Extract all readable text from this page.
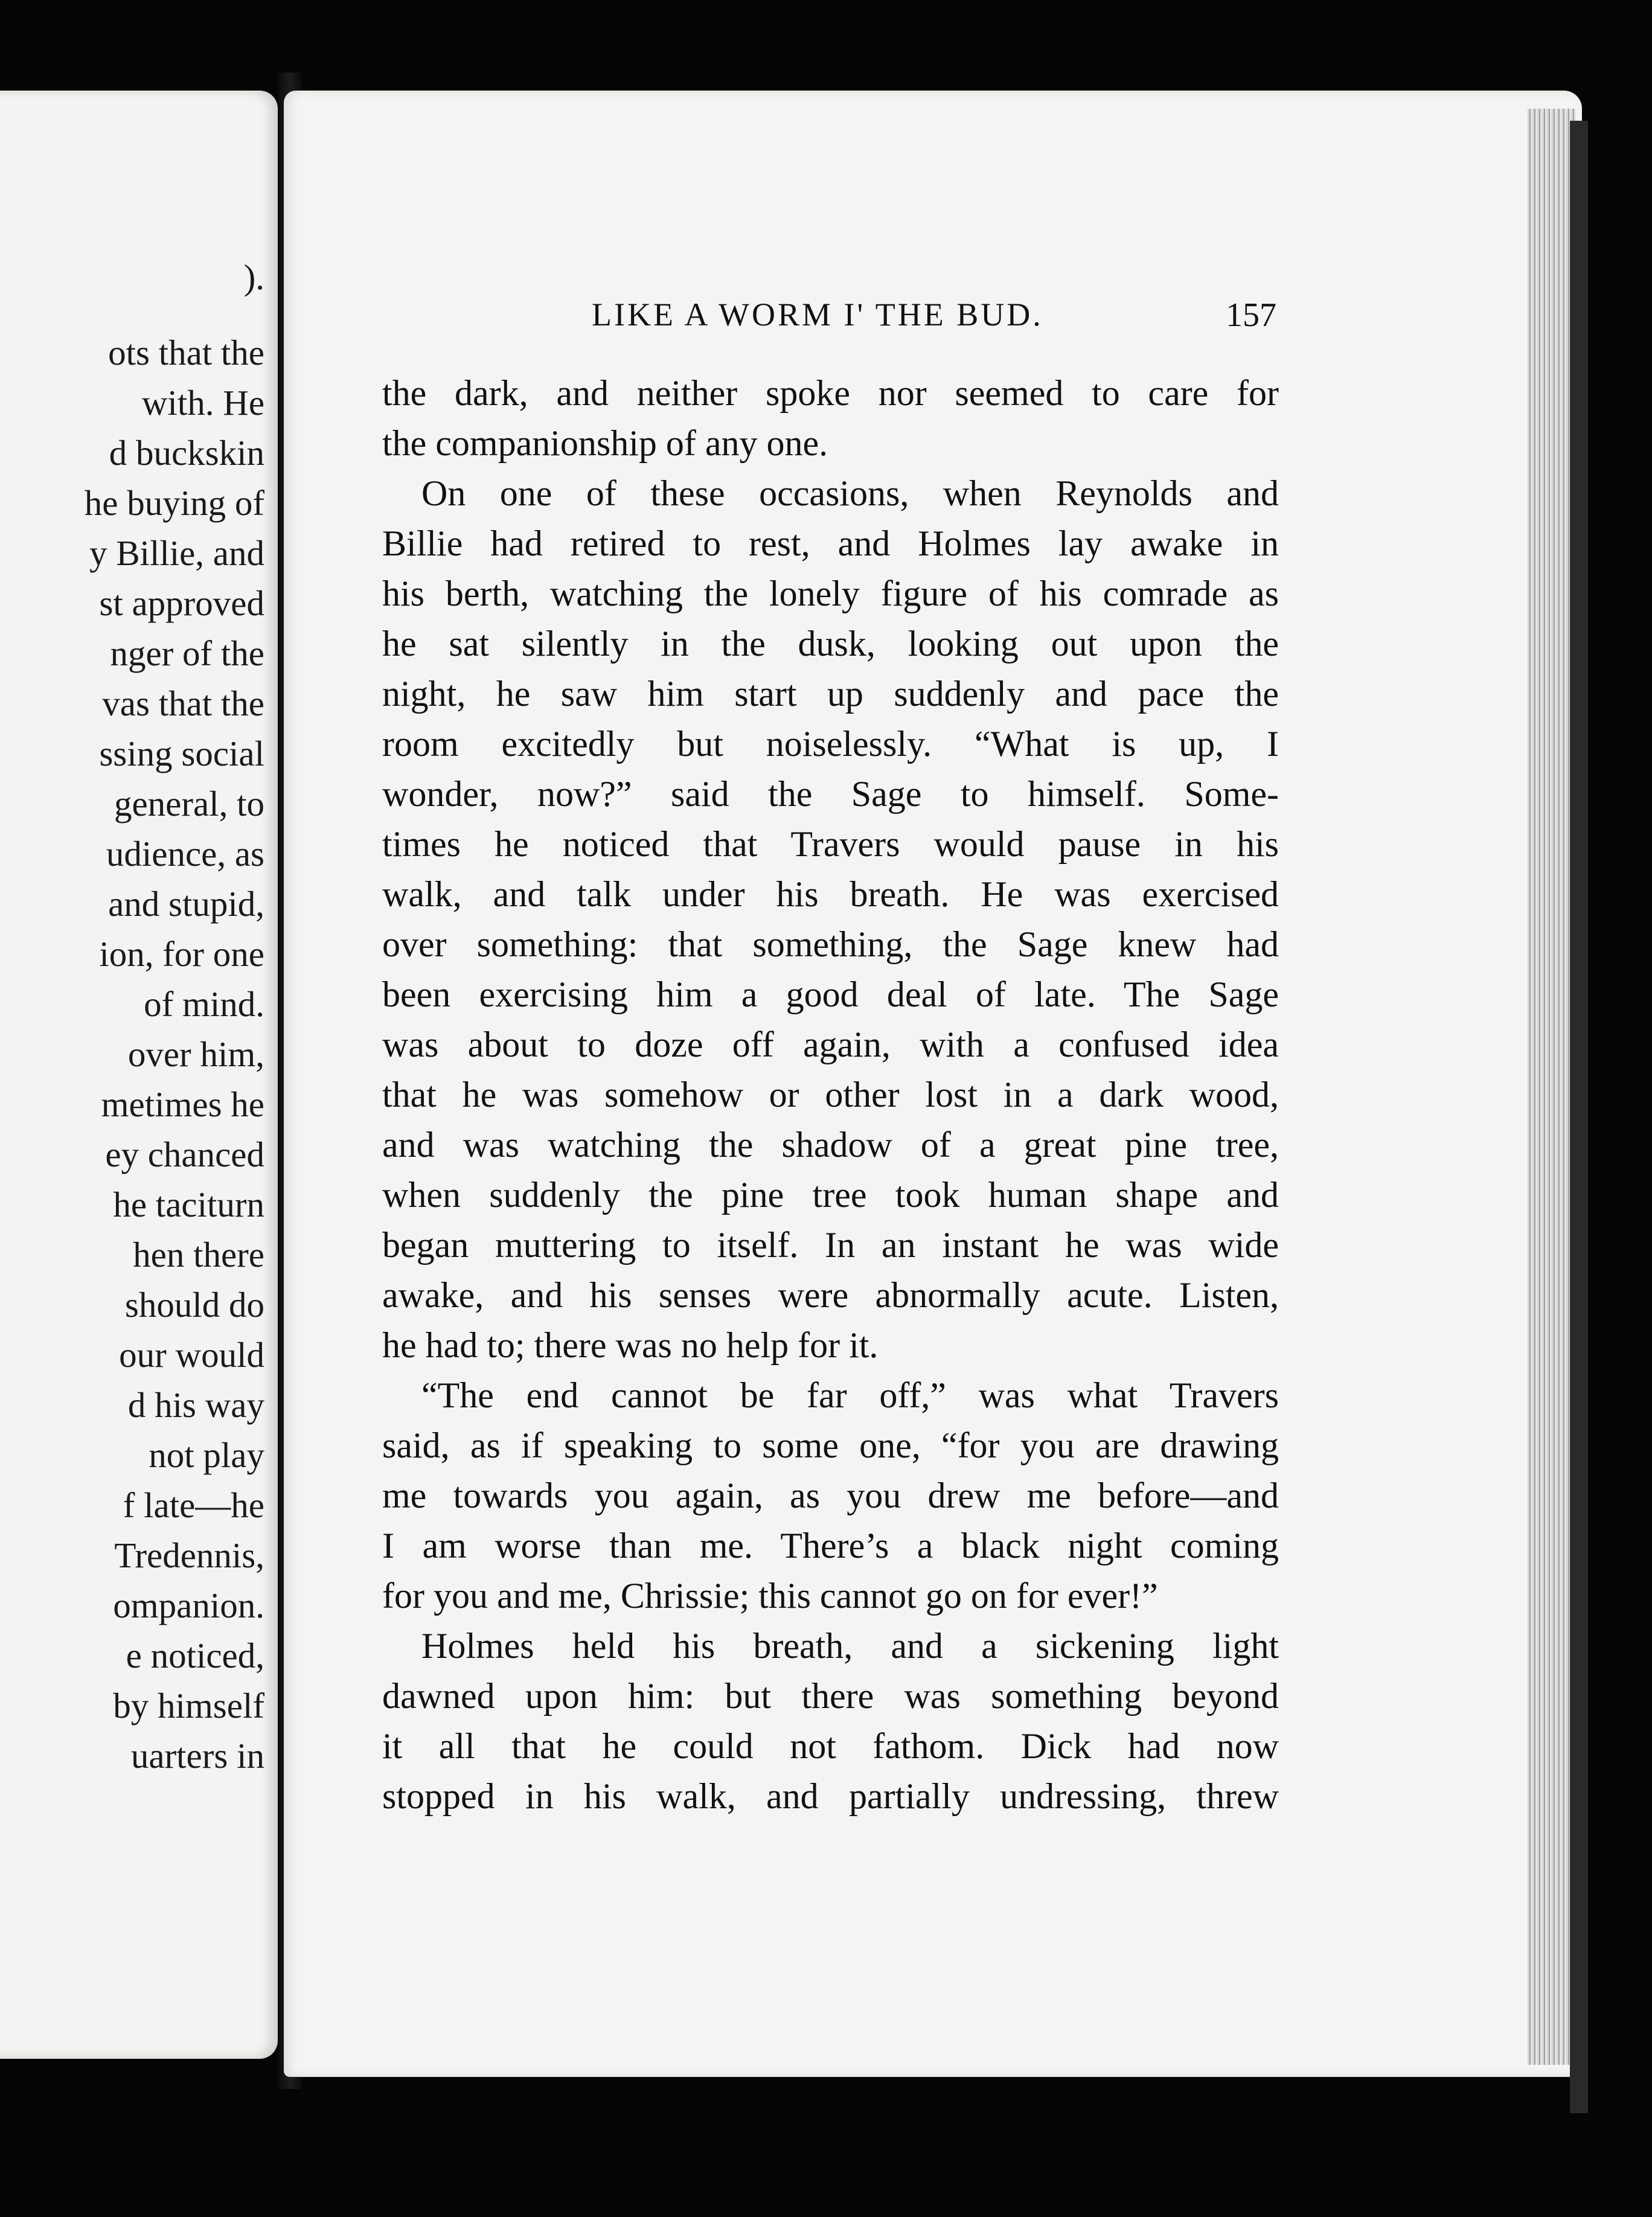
).
ots that the
with. He
d buckskin
he buying of
y Billie, and
st approved
nger of the
vas that the
ssing social
general, to
udience, as
and stupid,
ion, for one
of mind.
over him,
metimes he
ey chanced
he taciturn
hen there
should do
our would
d his way
not play
f late—he
Tredennis,
ompanion.
e noticed,
by himself
uarters in
LIKE A WORM I' THE BUD.	157
the dark, and neither spoke nor seemed to care for
the companionship of any one.
On one of these occasions, when Reynolds and
Billie had retired to rest, and Holmes lay awake in
his berth, watching the lonely figure of his comrade as
he sat silently in the dusk, looking out upon the
night, he saw him start up suddenly and pace the
room excitedly but noiselessly. “What is up, I
wonder, now?” said the Sage to himself. Some-
times he noticed that Travers would pause in his
walk, and talk under his breath. He was exercised
over something: that something, the Sage knew had
been exercising him a good deal of late. The Sage
was about to doze off again, with a confused idea
that he was somehow or other lost in a dark wood,
and was watching the shadow of a great pine tree,
when suddenly the pine tree took human shape and
began muttering to itself. In an instant he was wide
awake, and his senses were abnormally acute. Listen,
he had to; there was no help for it.
“The end cannot be far off,” was what Travers
said, as if speaking to some one, “for you are drawing
me towards you again, as you drew me before—and
I am worse than me. There’s a black night coming
for you and me, Chrissie; this cannot go on for ever!”
Holmes held his breath, and a sickening light
dawned upon him: but there was something beyond
it all that he could not fathom. Dick had now
stopped in his walk, and partially undressing, threw
